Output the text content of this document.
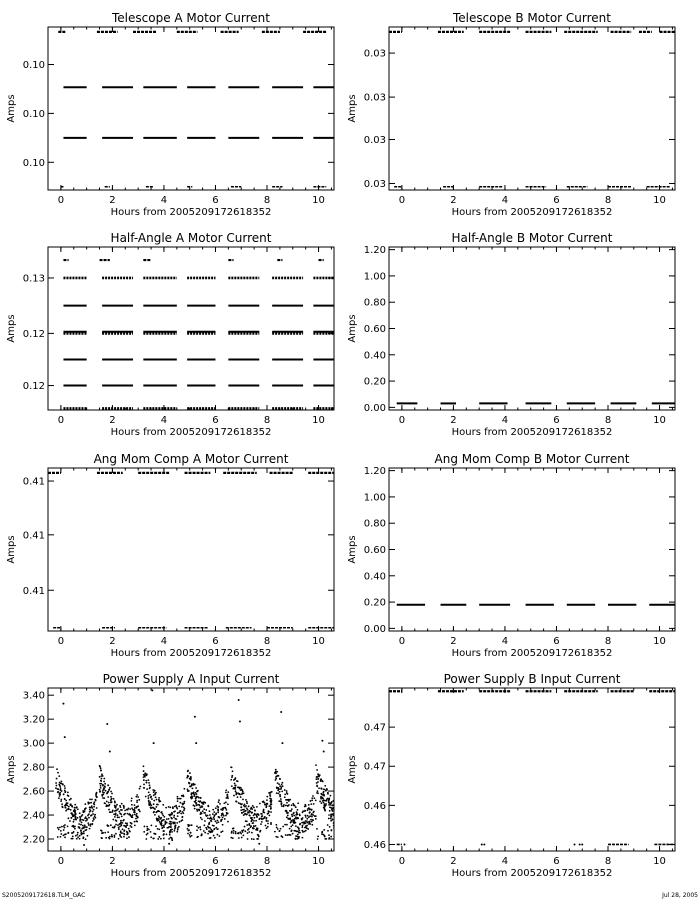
Telescope A Motor Current
0	2	4	6	8	10
Hours from 2005209172618352
0.10
0.10
0.10
Amps
Telescope B Motor Current
0	2	4	6	8	10
Hours from 2005209172618352
0.03
0.03
0.03
0.03
Amps
Half-Angle A Motor Current
0	2	4	6	8	10
Hours from 2005209172618352
0.13
0.12
0.12
Amps
Half-Angle B Motor Current
0	2	4	6	8	10
Hours from 2005209172618352
1.20
1.00
0.80
0.60
0.40
0.20
0.00
Amps
Ang Mom Comp A Motor Current
0	2	4	6	8	10
Hours from 2005209172618352
0.41
0.41
0.41
Amps
Ang Mom Comp B Motor Current
0	2	4	6	8	10
Hours from 2005209172618352
1.20
1.00
0.80
0.60
0.40
0.20
0.00
Amps
Power Supply A Input Current
0	2	4	6	8	10
Hours from 2005209172618352
3.40
3.20
3.00
2.80
2.60
2.40
2.20
Amps
Power Supply B Input Current
0	2	4	6	8	10
Hours from 2005209172618352
0.47
0.47
0.46
0.46
Amps
S2005209172618.TLM_GAC	Jul 28, 2005
